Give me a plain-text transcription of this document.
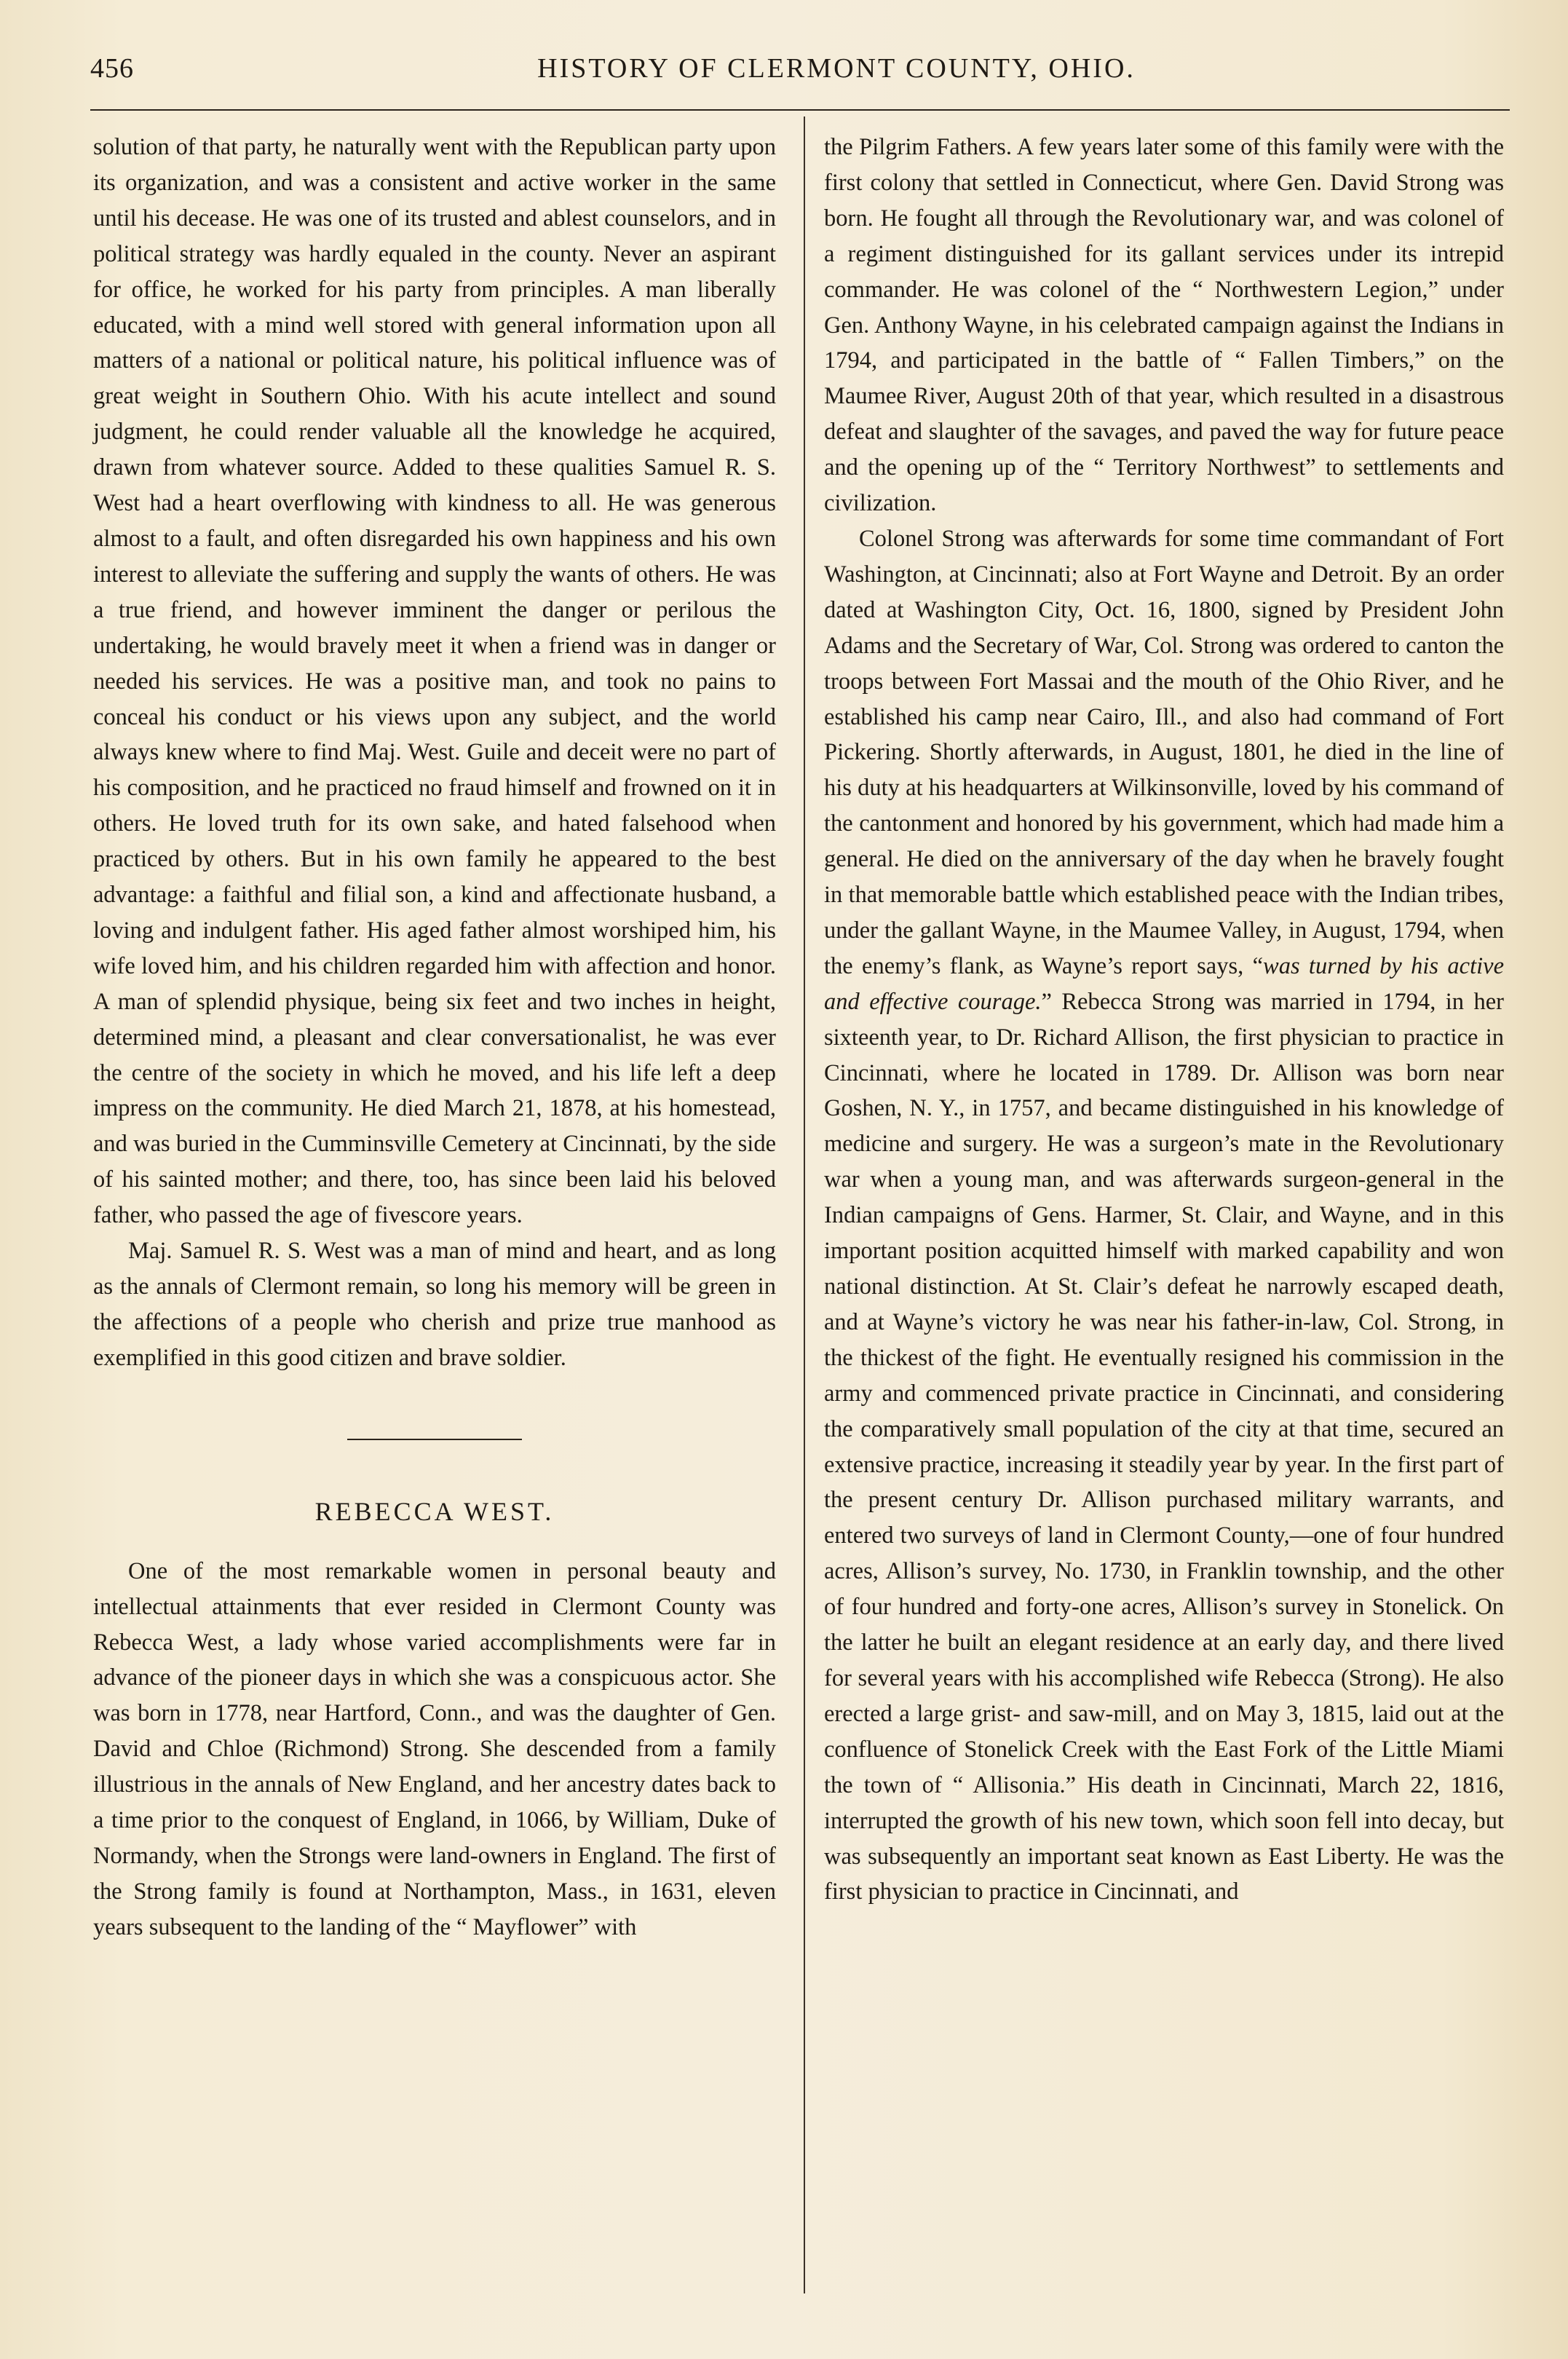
456	HISTORY OF CLERMONT COUNTY, OHIO.

solution of that party, he naturally went with the Republican party upon its organization, and was a consistent and active worker in the same until his decease. He was one of its trusted and ablest counselors, and in political strategy was hardly equaled in the county. Never an aspirant for office, he worked for his party from principles. A man liberally educated, with a mind well stored with general information upon all matters of a national or political nature, his political influence was of great weight in Southern Ohio. With his acute intellect and sound judgment, he could render valuable all the knowledge he acquired, drawn from whatever source. Added to these qualities Samuel R. S. West had a heart overflowing with kindness to all. He was generous almost to a fault, and often disregarded his own happiness and his own interest to alleviate the suffering and supply the wants of others. He was a true friend, and however imminent the danger or perilous the undertaking, he would bravely meet it when a friend was in danger or needed his services. He was a positive man, and took no pains to conceal his conduct or his views upon any subject, and the world always knew where to find Maj. West. Guile and deceit were no part of his composition, and he practiced no fraud himself and frowned on it in others. He loved truth for its own sake, and hated falsehood when practiced by others. But in his own family he appeared to the best advantage: a faithful and filial son, a kind and affectionate husband, a loving and indulgent father. His aged father almost worshiped him, his wife loved him, and his children regarded him with affection and honor. A man of splendid physique, being six feet and two inches in height, determined mind, a pleasant and clear conversationalist, he was ever the centre of the society in which he moved, and his life left a deep impress on the community. He died March 21, 1878, at his homestead, and was buried in the Cumminsville Cemetery at Cincinnati, by the side of his sainted mother; and there, too, has since been laid his beloved father, who passed the age of fivescore years.

Maj. Samuel R. S. West was a man of mind and heart, and as long as the annals of Clermont remain, so long his memory will be green in the affections of a people who cherish and prize true manhood as exemplified in this good citizen and brave soldier.

REBECCA WEST.

One of the most remarkable women in personal beauty and intellectual attainments that ever resided in Clermont County was Rebecca West, a lady whose varied accomplishments were far in advance of the pioneer days in which she was a conspicuous actor. She was born in 1778, near Hartford, Conn., and was the daughter of Gen. David and Chloe (Richmond) Strong. She descended from a family illustrious in the annals of New England, and her ancestry dates back to a time prior to the conquest of England, in 1066, by William, Duke of Normandy, when the Strongs were land-owners in England. The first of the Strong family is found at Northampton, Mass., in 1631, eleven years subsequent to the landing of the “ Mayflower” with

the Pilgrim Fathers. A few years later some of this family were with the first colony that settled in Connecticut, where Gen. David Strong was born. He fought all through the Revolutionary war, and was colonel of a regiment distinguished for its gallant services under its intrepid commander. He was colonel of the “ Northwestern Legion,” under Gen. Anthony Wayne, in his celebrated campaign against the Indians in 1794, and participated in the battle of “ Fallen Timbers,” on the Maumee River, August 20th of that year, which resulted in a disastrous defeat and slaughter of the savages, and paved the way for future peace and the opening up of the “ Territory Northwest” to settlements and civilization.

Colonel Strong was afterwards for some time commandant of Fort Washington, at Cincinnati; also at Fort Wayne and Detroit. By an order dated at Washington City, Oct. 16, 1800, signed by President John Adams and the Secretary of War, Col. Strong was ordered to canton the troops between Fort Massai and the mouth of the Ohio River, and he established his camp near Cairo, Ill., and also had command of Fort Pickering. Shortly afterwards, in August, 1801, he died in the line of his duty at his headquarters at Wilkinsonville, loved by his command of the cantonment and honored by his government, which had made him a general. He died on the anniversary of the day when he bravely fought in that memorable battle which established peace with the Indian tribes, under the gallant Wayne, in the Maumee Valley, in August, 1794, when the enemy’s flank, as Wayne’s report says, “was turned by his active and effective courage.” Rebecca Strong was married in 1794, in her sixteenth year, to Dr. Richard Allison, the first physician to practice in Cincinnati, where he located in 1789. Dr. Allison was born near Goshen, N. Y., in 1757, and became distinguished in his knowledge of medicine and surgery. He was a surgeon’s mate in the Revolutionary war when a young man, and was afterwards surgeon-general in the Indian campaigns of Gens. Harmer, St. Clair, and Wayne, and in this important position acquitted himself with marked capability and won national distinction. At St. Clair’s defeat he narrowly escaped death, and at Wayne’s victory he was near his father-in-law, Col. Strong, in the thickest of the fight. He eventually resigned his commission in the army and commenced private practice in Cincinnati, and considering the comparatively small population of the city at that time, secured an extensive practice, increasing it steadily year by year. In the first part of the present century Dr. Allison purchased military warrants, and entered two surveys of land in Clermont County,—one of four hundred acres, Allison’s survey, No. 1730, in Franklin township, and the other of four hundred and forty-one acres, Allison’s survey in Stonelick. On the latter he built an elegant residence at an early day, and there lived for several years with his accomplished wife Rebecca (Strong). He also erected a large grist- and saw-mill, and on May 3, 1815, laid out at the confluence of Stonelick Creek with the East Fork of the Little Miami the town of “ Allisonia.” His death in Cincinnati, March 22, 1816, interrupted the growth of his new town, which soon fell into decay, but was subsequently an important seat known as East Liberty. He was the first physician to practice in Cincinnati, and
